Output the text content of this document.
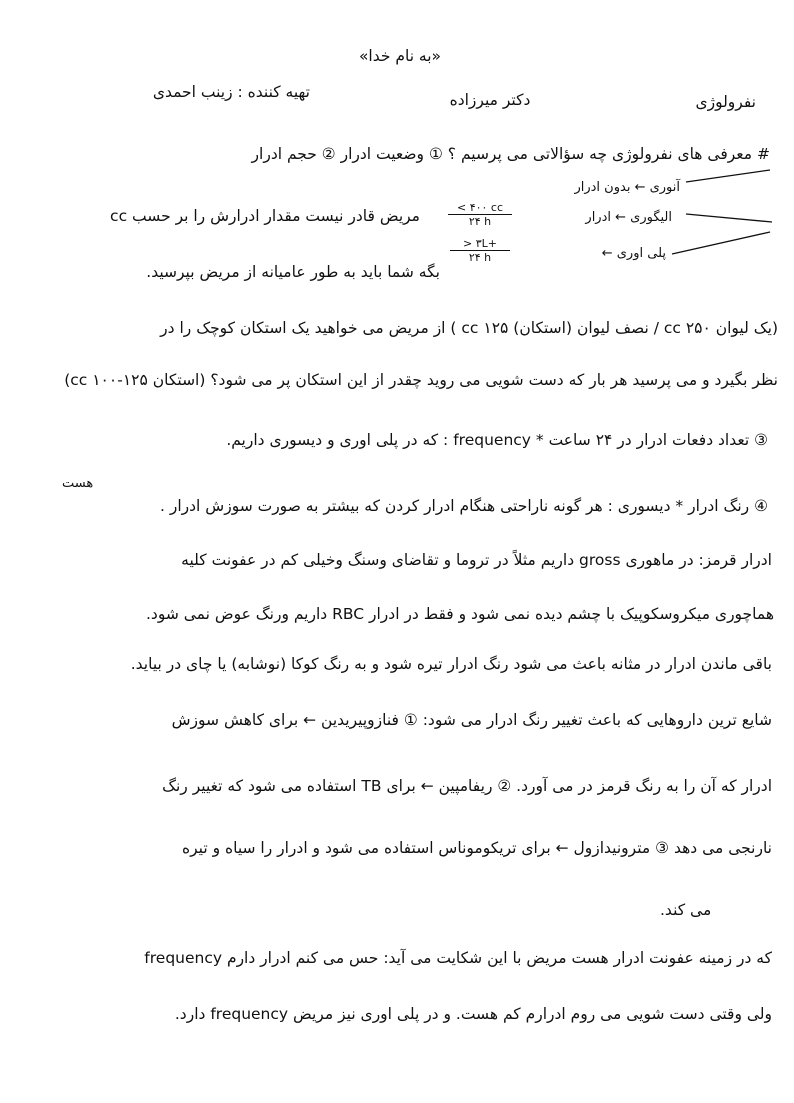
«به نام خدا»
نفرولوژی
دکتر میرزاده
تهیه کننده : زینب احمدی
# معرفی های نفرولوژی چه سؤالاتی می پرسیم ؟ ① وضعیت ادرار ② حجم ادرار
آنوری ← بدون ادرار
الیگوری ← ادرار
$\frac{< ۴۰۰ cc}{۲۴ h}$
پلی اوری ←
$\frac{> ۳L+}{۲۴ h}$
مریض قادر نیست مقدار ادرارش را بر حسب cc
بگه شما باید به طور عامیانه از مریض بپرسید.
(یک لیوان ۲۵۰ cc / نصف لیوان (استکان) ۱۲۵ cc ) از مریض می خواهید یک استکان کوچک را در
نظر بگیرد و می پرسید هر بار که دست شویی می روید چقدر از این استکان پر می شود؟ (استکان ۱۲۵-۱۰۰ cc)
③ تعداد دفعات ادرار در ۲۴ ساعت * frequency : که در پلی اوری و دیسوری داریم.
هست
④ رنگ ادرار * دیسوری : هر گونه ناراحتی هنگام ادرار کردن که بیشتر به صورت سوزش ادرار .
ادرار قرمز: در ماهوری gross داریم مثلاً در تروما و تقاضای وسنگ وخیلی کم در عفونت کلیه
هماچوری میکروسکوپیک با چشم دیده نمی شود و فقط در ادرار RBC داریم ورنگ عوض نمی شود.
باقی ماندن ادرار در مثانه باعث می شود رنگ ادرار تیره شود و به رنگ کوکا (نوشابه) یا چای در بیاید.
شایع ترین داروهایی که باعث تغییر رنگ ادرار می شود: ① فنازوپیریدین ← برای کاهش سوزش
ادرار که آن را به رنگ قرمز در می آورد. ② ریفامپین ← برای TB استفاده می شود که تغییر رنگ
نارنجی می دهد ③ مترونیدازول ← برای تریکوموناس استفاده می شود و ادرار را سیاه و تیره
می کند.
frequency که در زمینه عفونت ادرار هست مریض با این شکایت می آید: حس می کنم ادرار دارم
ولی وقتی دست شویی می روم ادرارم کم هست. و در پلی اوری نیز مریض frequency دارد.
